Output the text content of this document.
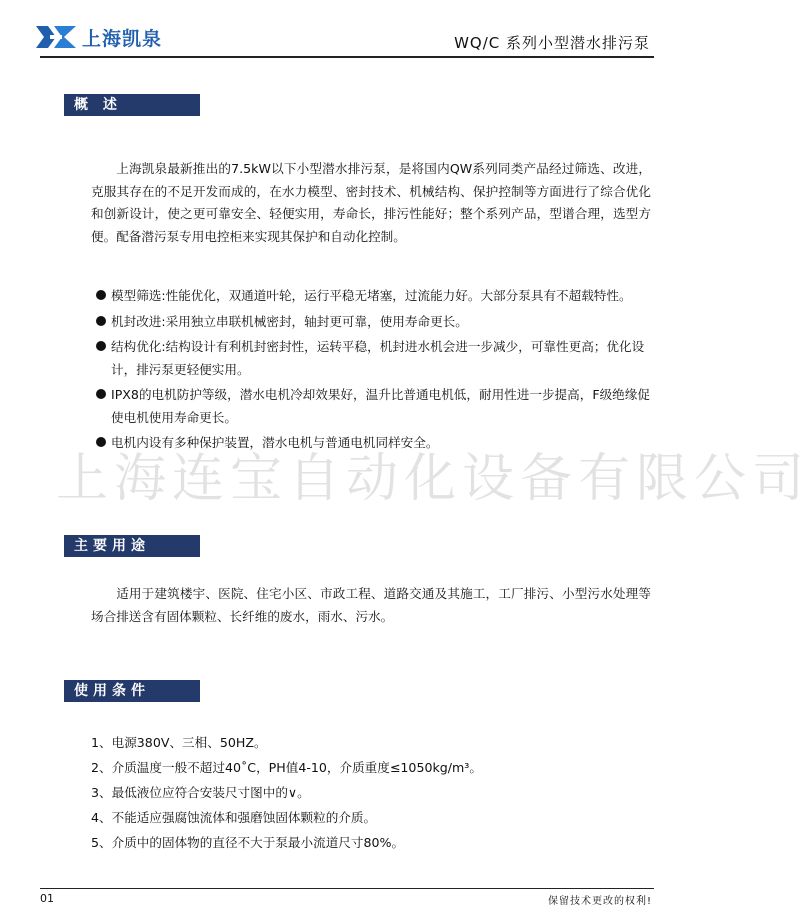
上海凯泉	WQ/C 系列小型潜水排污泵
上海连宝自动化设备有限公司
概 述

上海凯泉最新推出的7.5kW以下小型潜水排污泵，是将国内QW系列同类产品经过筛选、改进，克服其存在的不足开发而成的，在水力模型、密封技术、机械结构、保护控制等方面进行了综合优化和创新设计，使之更可靠安全、轻便实用，寿命长，排污性能好；整个系列产品，型谱合理，选型方便。配备潜污泵专用电控柜来实现其保护和自动化控制。

模型筛选:性能优化，双通道叶轮，运行平稳无堵塞，过流能力好。大部分泵具有不超载特性。
机封改进:采用独立串联机械密封，轴封更可靠，使用寿命更长。
结构优化:结构设计有利机封密封性，运转平稳，机封进水机会进一步减少，可靠性更高；优化设计，排污泵更轻便实用。
IPX8的电机防护等级，潜水电机冷却效果好，温升比普通电机低，耐用性进一步提高，F级绝缘促使电机使用寿命更长。
电机内设有多种保护装置，潜水电机与普通电机同样安全。
主要用途

适用于建筑楼宇、医院、住宅小区、市政工程、道路交通及其施工，工厂排污、小型污水处理等场合排送含有固体颗粒、长纤维的废水，雨水、污水。

使用条件
1、电源380V、三相、50HZ。
2、介质温度一般不超过40˚C，PH值4-10，介质重度≤1050kg/m³。
3、最低液位应符合安装尺寸图中的∨。
4、不能适应强腐蚀流体和强磨蚀固体颗粒的介质。
5、介质中的固体物的直径不大于泵最小流道尺寸80%。
01	保留技术更改的权利!
